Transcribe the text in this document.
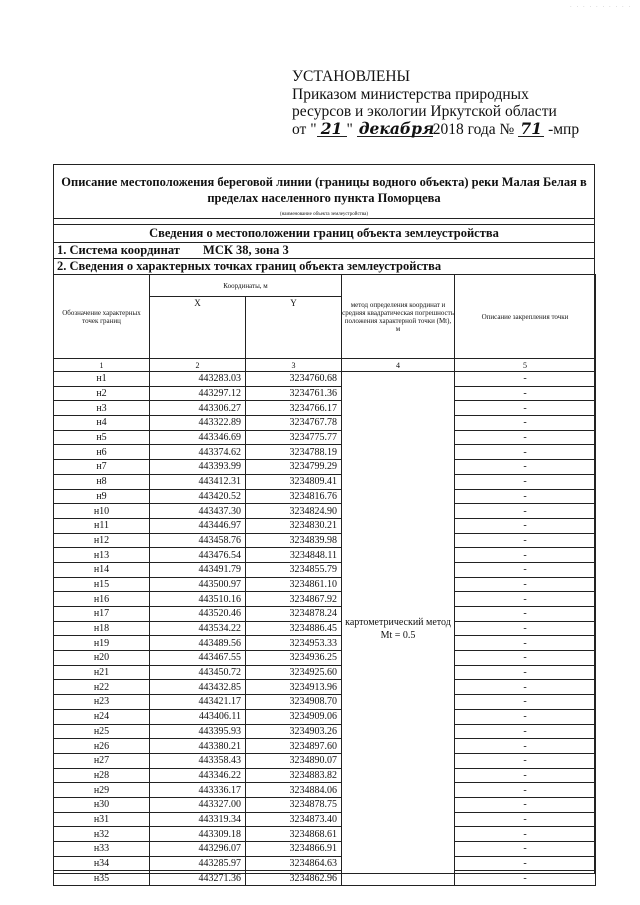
. . . . . . . . . .
УСТАНОВЛЕНЫ
Приказом министерства природных
ресурсов и экологии Иркутской области
от " 21 " декабря2018 года № 71 -мпр
Описание местоположения береговой линии (границы водного объекта) реки Малая Белая в пределах населенного пункта Поморцева
(наименование объекта землеустройства)
Сведения о местоположении границ объекта землеустройства
1. Система координат МСК 38, зона 3
2. Сведения о характерных точках границ объекта землеустройства
Обозначение характерных точек границ	Координаты, м		метод определения координат и средняя квадратическая погрешность положения характерной точки (Mt), м	Описание закрепления точки
	X	Y		
1	2	3	4	5
н1	443283.03	3234760.68	картометрический метод Mt = 0.5	-
н2	443297.12	3234761.36		-
н3	443306.27	3234766.17		-
н4	443322.89	3234767.78		-
н5	443346.69	3234775.77		-
н6	443374.62	3234788.19		-
н7	443393.99	3234799.29		-
н8	443412.31	3234809.41		-
н9	443420.52	3234816.76		-
н10	443437.30	3234824.90		-
н11	443446.97	3234830.21		-
н12	443458.76	3234839.98		-
н13	443476.54	3234848.11		-
н14	443491.79	3234855.79		-
н15	443500.97	3234861.10		-
н16	443510.16	3234867.92		-
н17	443520.46	3234878.24		-
н18	443534.22	3234886.45		-
н19	443489.56	3234953.33		-
н20	443467.55	3234936.25		-
н21	443450.72	3234925.60		-
н22	443432.85	3234913.96		-
н23	443421.17	3234908.70		-
н24	443406.11	3234909.06		-
н25	443395.93	3234903.26		-
н26	443380.21	3234897.60		-
н27	443358.43	3234890.07		-
н28	443346.22	3234883.82		-
н29	443336.17	3234884.06		-
н30	443327.00	3234878.75		-
н31	443319.34	3234873.40		-
н32	443309.18	3234868.61		-
н33	443296.07	3234866.91		-
н34	443285.97	3234864.63		-
н35	443271.36	3234862.96		-
